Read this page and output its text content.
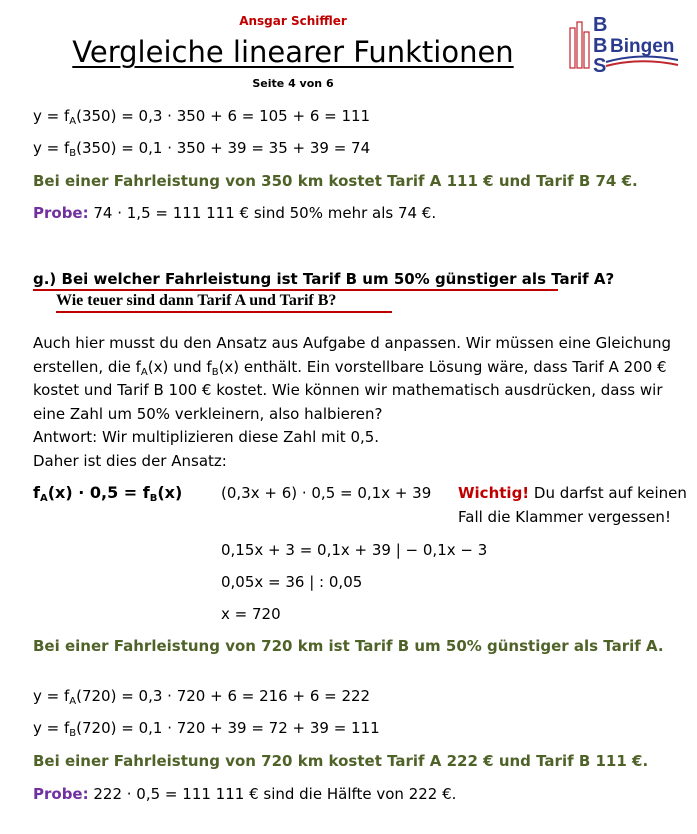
Ansgar Schiffler
Vergleiche linearer Funktionen
Seite 4 von 6
B
B
S
Bingen
$y = f_A(350) = 0,3 \cdot 350 + 6 = 105 + 6 = 111$
$y = f_B(350) = 0,1 \cdot 350 + 39 = 35 + 39 = 74$
Bei einer Fahrleistung von 350 km kostet Tarif A 111 € und Tarif B 74 €.
Probe: 74 · 1,5 = 111 111 € sind 50% mehr als 74 €.
g.) Bei welcher Fahrleistung ist Tarif B um 50% günstiger als Tarif A?
Wie teuer sind dann Tarif A und Tarif B?
Auch hier musst du den Ansatz aus Aufgabe d anpassen. Wir müssen eine Gleichung erstellen, die $f_A(x)$ und $f_B(x)$ enthält. Ein vorstellbare Lösung wäre, dass Tarif A 200 € kostet und Tarif B 100 € kostet. Wie können wir mathematisch ausdrücken, dass wir eine Zahl um 50% verkleinern, also halbieren?
Antwort: Wir multiplizieren diese Zahl mit 0,5.
Daher ist dies der Ansatz:
$f_A(x) \cdot 0,5 = f_B(x)$	(0,3x + 6) · 0,5 = 0,1x + 39 Wichtig! Du darfst auf keinen
Fall die Klammer vergessen!
0,15x + 3 = 0,1x + 39 | − 0,1x − 3
0,05x = 36 | : 0,05
x = 720
Bei einer Fahrleistung von 720 km ist Tarif B um 50% günstiger als Tarif A.
$y = f_A(720) = 0,3 \cdot 720 + 6 = 216 + 6 = 222$
$y = f_B(720) = 0,1 \cdot 720 + 39 = 72 + 39 = 111$
Bei einer Fahrleistung von 720 km kostet Tarif A 222 € und Tarif B 111 €.
Probe: 222 · 0,5 = 111 111 € sind die Hälfte von 222 €.
